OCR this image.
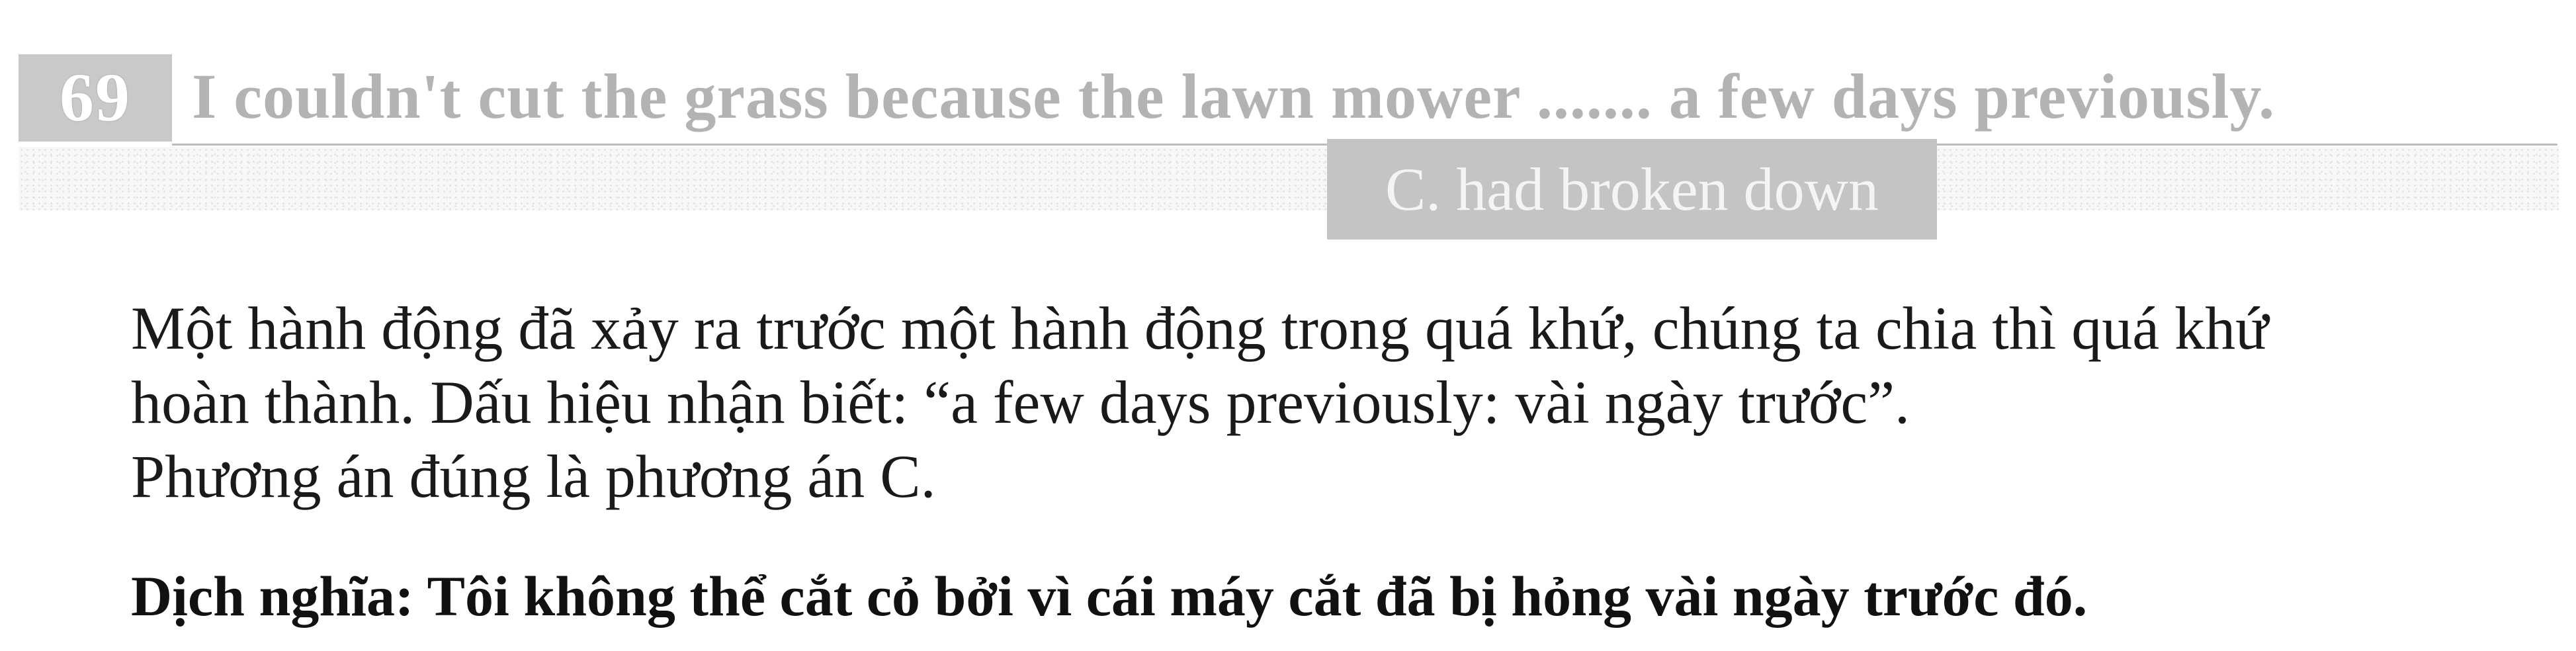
69 I couldn't cut the grass because the lawn mower ....... a few days previously.
C. had broken down

Một hành động đã xảy ra trước một hành động trong quá khứ, chúng ta chia thì quá khứ

hoàn thành. Dấu hiệu nhận biết: “a few days previously: vài ngày trước”.

Phương án đúng là phương án C.

Dịch nghĩa: Tôi không thể cắt cỏ bởi vì cái máy cắt đã bị hỏng vài ngày trước đó.
